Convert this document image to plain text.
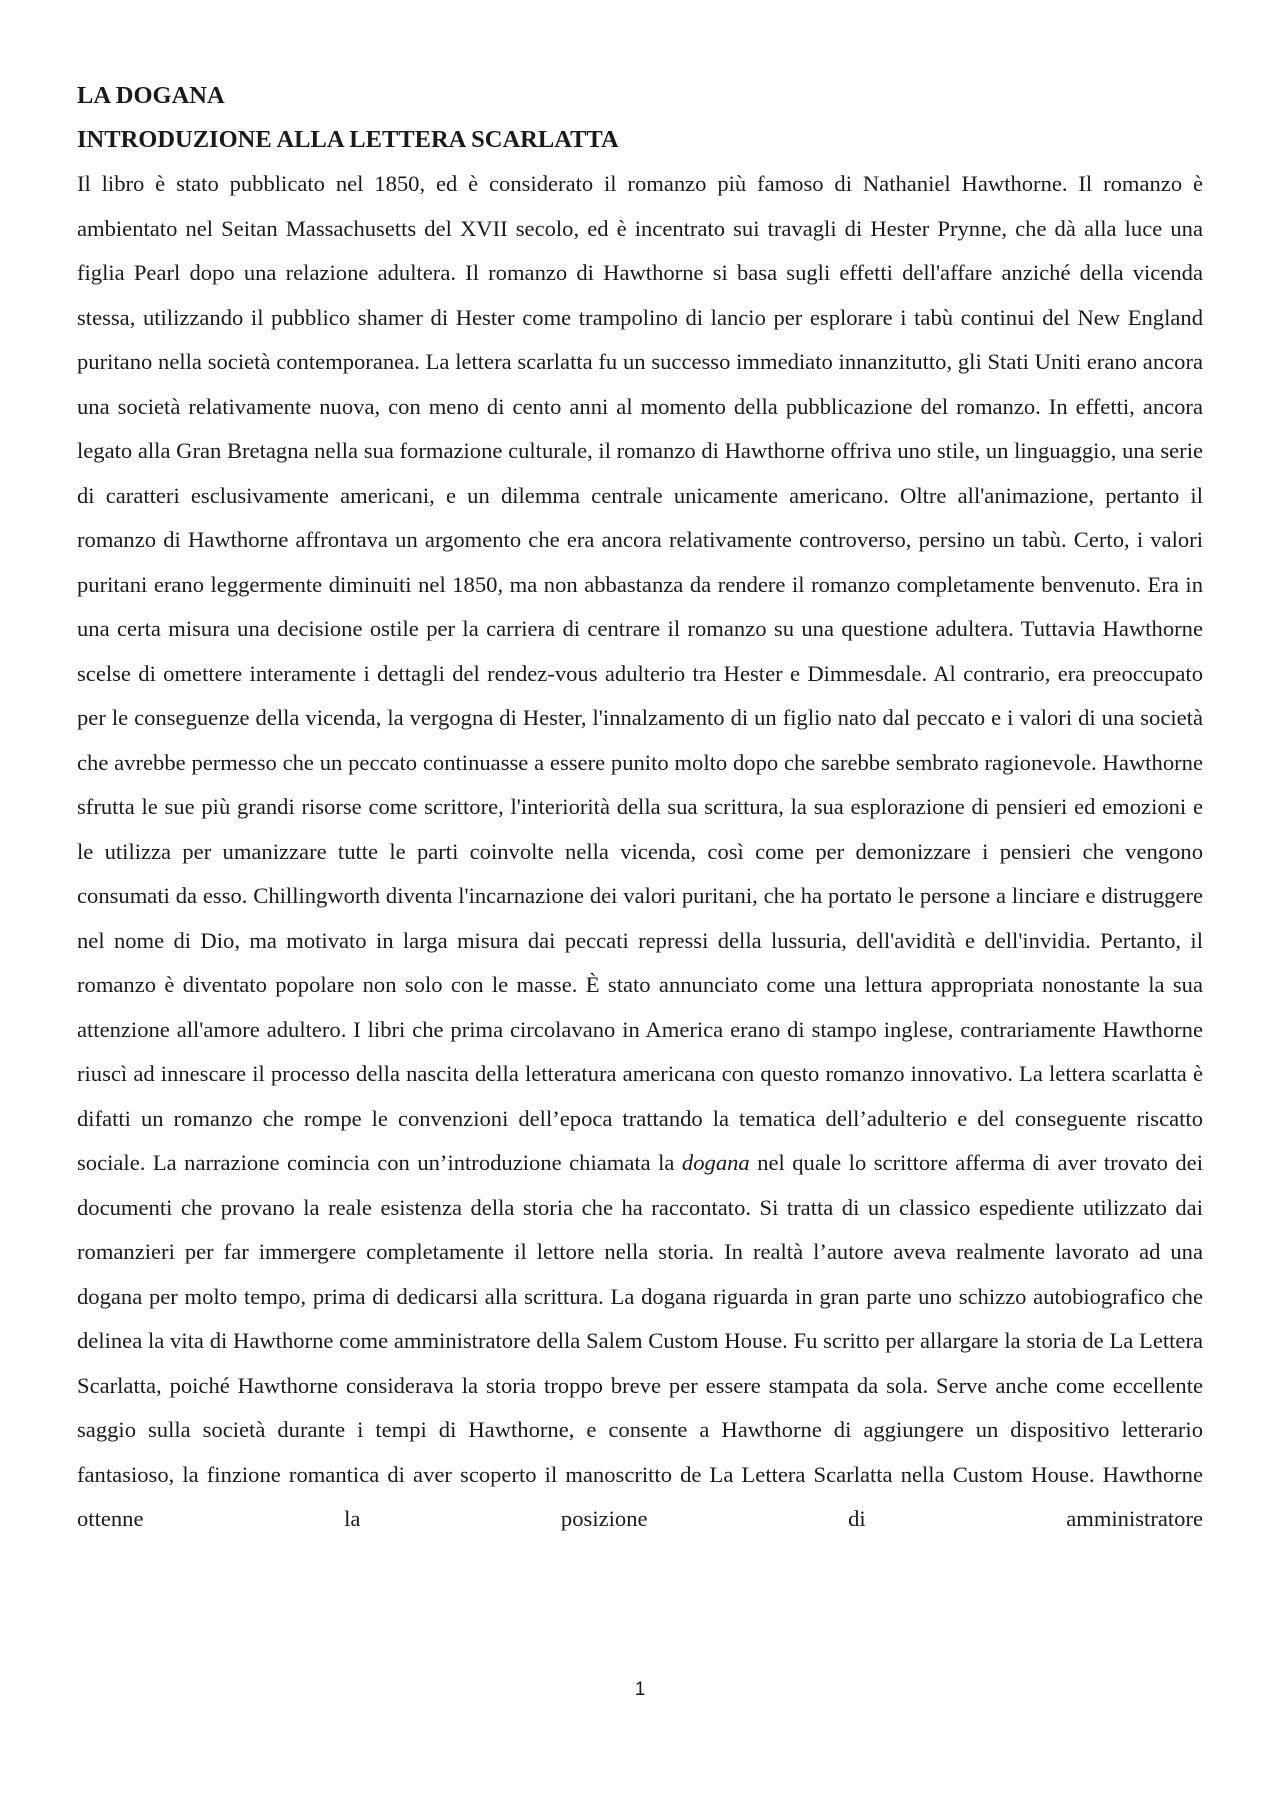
LA DOGANA
INTRODUZIONE ALLA LETTERA SCARLATTA

Il libro è stato pubblicato nel 1850, ed è considerato il romanzo più famoso di Nathaniel Hawthorne. Il romanzo è ambientato nel Seitan Massachusetts del XVII secolo, ed è incentrato sui travagli di Hester Prynne, che dà alla luce una figlia Pearl dopo una relazione adultera. Il romanzo di Hawthorne si basa sugli effetti dell'affare anziché della vicenda stessa, utilizzando il pubblico shamer di Hester come trampolino di lancio per esplorare i tabù continui del New England puritano nella società contemporanea. La lettera scarlatta fu un successo immediato innanzitutto, gli Stati Uniti erano ancora una società relativamente nuova, con meno di cento anni al momento della pubblicazione del romanzo. In effetti, ancora legato alla Gran Bretagna nella sua formazione culturale, il romanzo di Hawthorne offriva uno stile, un linguaggio, una serie di caratteri esclusivamente americani, e un dilemma centrale unicamente americano. Oltre all'animazione, pertanto il romanzo di Hawthorne affrontava un argomento che era ancora relativamente controverso, persino un tabù. Certo, i valori puritani erano leggermente diminuiti nel 1850, ma non abbastanza da rendere il romanzo completamente benvenuto. Era in una certa misura una decisione ostile per la carriera di centrare il romanzo su una questione adultera. Tuttavia Hawthorne scelse di omettere interamente i dettagli del rendez-vous adulterio tra Hester e Dimmesdale. Al contrario, era preoccupato per le conseguenze della vicenda, la vergogna di Hester, l'innalzamento di un figlio nato dal peccato e i valori di una società che avrebbe permesso che un peccato continuasse a essere punito molto dopo che sarebbe sembrato ragionevole. Hawthorne sfrutta le sue più grandi risorse come scrittore, l'interiorità della sua scrittura, la sua esplorazione di pensieri ed emozioni e le utilizza per umanizzare tutte le parti coinvolte nella vicenda, così come per demonizzare i pensieri che vengono consumati da esso. Chillingworth diventa l'incarnazione dei valori puritani, che ha portato le persone a linciare e distruggere nel nome di Dio, ma motivato in larga misura dai peccati repressi della lussuria, dell'avidità e dell'invidia. Pertanto, il romanzo è diventato popolare non solo con le masse. È stato annunciato come una lettura appropriata nonostante la sua attenzione all'amore adultero. I libri che prima circolavano in America erano di stampo inglese, contrariamente Hawthorne riuscì ad innescare il processo della nascita della letteratura americana con questo romanzo innovativo. La lettera scarlatta è difatti un romanzo che rompe le convenzioni dell’epoca trattando la tematica dell’adulterio e del conseguente riscatto sociale. La narrazione comincia con un’introduzione chiamata la dogana nel quale lo scrittore afferma di aver trovato dei documenti che provano la reale esistenza della storia che ha raccontato. Si tratta di un classico espediente utilizzato dai romanzieri per far immergere completamente il lettore nella storia. In realtà l’autore aveva realmente lavorato ad una dogana per molto tempo, prima di dedicarsi alla scrittura. La dogana riguarda in gran parte uno schizzo autobiografico che delinea la vita di Hawthorne come amministratore della Salem Custom House. Fu scritto per allargare la storia de La Lettera Scarlatta, poiché Hawthorne considerava la storia troppo breve per essere stampata da sola. Serve anche come eccellente saggio sulla società durante i tempi di Hawthorne, e consente a Hawthorne di aggiungere un dispositivo letterario fantasioso, la finzione romantica di aver scoperto il manoscritto de La Lettera Scarlatta nella Custom House. Hawthorne ottenne la posizione di amministratore

1
